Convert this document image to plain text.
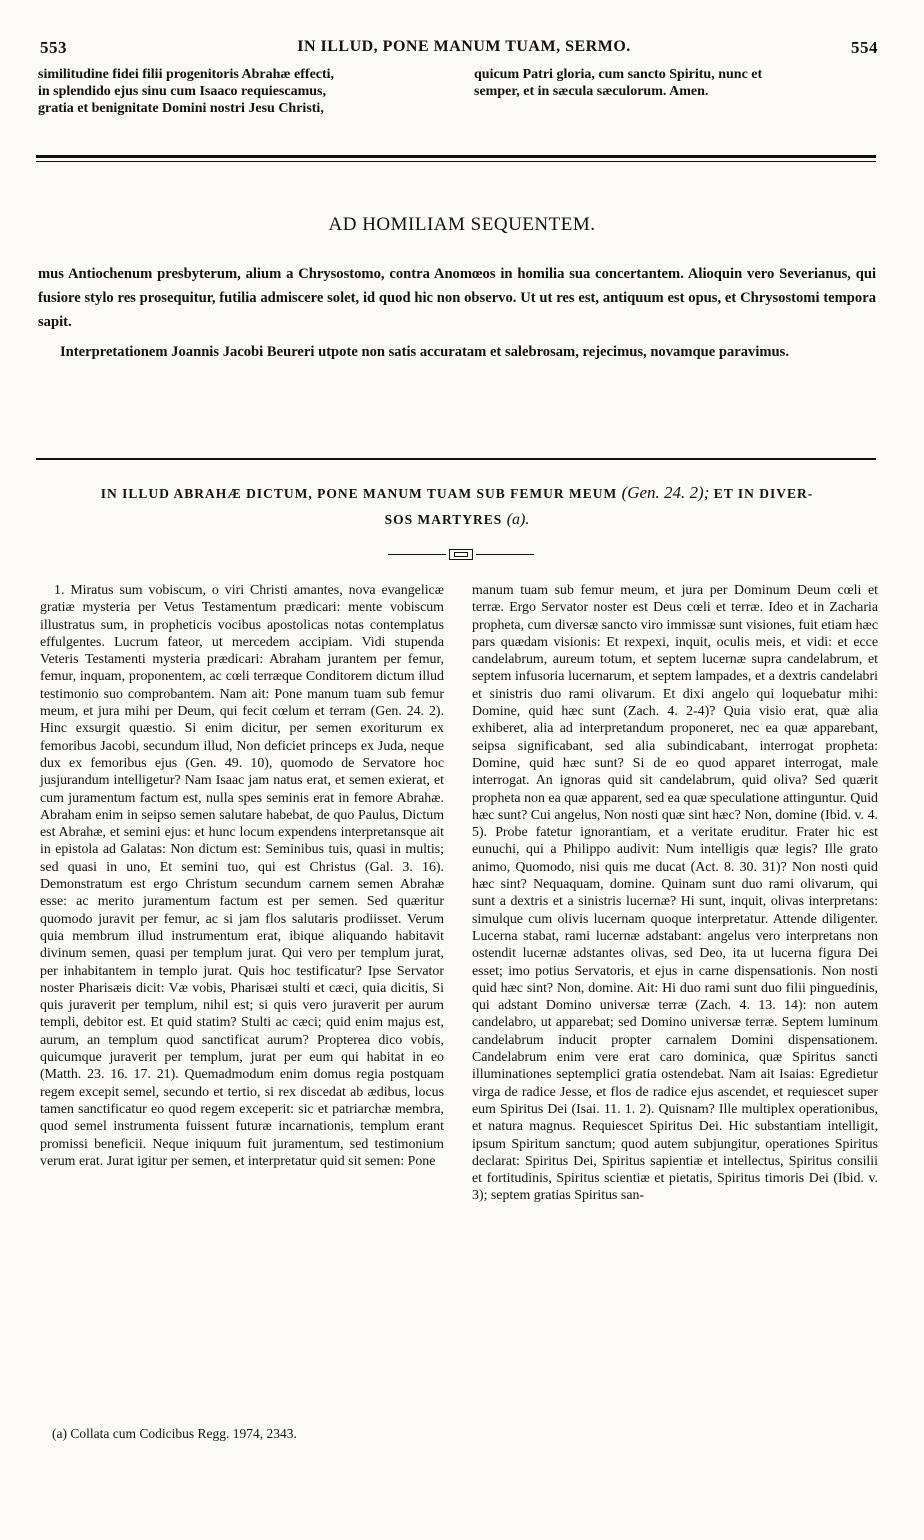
553	IN ILLUD, PONE MANUM TUAM, SERMO.	554
similitudine fidei filii progenitoris Abrahæ effecti,
in splendido ejus sinu cum Isaaco requiescamus,
gratia et benignitate Domini nostri Jesu Christi,
quicum Patri gloria, cum sancto Spiritu, nunc et
semper, et in sæcula sæculorum. Amen.
AD HOMILIAM SEQUENTEM.

mus Antiochenum presbyterum, alium a Chrysostomo, contra Anomœos in homilia sua concertantem. Alioquin vero Severianus, qui fusiore stylo res prosequitur, futilia admiscere solet, id quod hic non observo. Ut ut res est, antiquum est opus, et Chrysostomi tempora sapit.

Interpretationem Joannis Jacobi Beureri utpote non satis accuratam et salebrosam, rejecimus, novamque paravimus.

IN ILLUD ABRAHÆ DICTUM, PONE MANUM TUAM SUB FEMUR MEUM (Gen. 24. 2); ET IN DIVER-
SOS MARTYRES (a).

1. Miratus sum vobiscum, o viri Christi amantes, nova evangelicæ gratiæ mysteria per Vetus Testamentum prædicari: mente vobiscum illustratus sum, in propheticis vocibus apostolicas notas contemplatus effulgentes. Lucrum fateor, ut mercedem accipiam. Vidi stupenda Veteris Testamenti mysteria prædicari: Abraham jurantem per femur, femur, inquam, proponentem, ac cœli terræque Conditorem dictum illud testimonio suo comprobantem. Nam ait: Pone manum tuam sub femur meum, et jura mihi per Deum, qui fecit cœlum et terram (Gen. 24. 2). Hinc exsurgit quæstio. Si enim dicitur, per semen exoriturum ex femoribus Jacobi, secundum illud, Non deficiet princeps ex Juda, neque dux ex femoribus ejus (Gen. 49. 10), quomodo de Servatore hoc jusjurandum intelligetur? Nam Isaac jam natus erat, et semen exierat, et cum juramentum factum est, nulla spes seminis erat in femore Abrahæ. Abraham enim in seipso semen salutare habebat, de quo Paulus, Dictum est Abrahæ, et semini ejus: et hunc locum expendens interpretansque ait in epistola ad Galatas: Non dictum est: Seminibus tuis, quasi in multis; sed quasi in uno, Et semini tuo, qui est Christus (Gal. 3. 16). Demonstratum est ergo Christum secundum carnem semen Abrahæ esse: ac merito juramentum factum est per semen. Sed quæritur quomodo juravit per femur, ac si jam flos salutaris prodiisset. Verum quia membrum illud instrumentum erat, ibique aliquando habitavit divinum semen, quasi per templum jurat. Qui vero per templum jurat, per inhabitantem in templo jurat. Quis hoc testificatur? Ipse Servator noster Pharisæis dicit: Væ vobis, Pharisæi stulti et cæci, quia dicitis, Si quis juraverit per templum, nihil est; si quis vero juraverit per aurum templi, debitor est. Et quid statim? Stulti ac cæci; quid enim majus est, aurum, an templum quod sanctificat aurum? Propterea dico vobis, quicumque juraverit per templum, jurat per eum qui habitat in eo (Matth. 23. 16. 17. 21). Quemadmodum enim domus regia postquam regem excepit semel, secundo et tertio, si rex discedat ab ædibus, locus tamen sanctificatur eo quod regem exceperit: sic et patriarchæ membra, quod semel instrumenta fuissent futuræ incarnationis, templum erant promissi beneficii. Neque iniquum fuit juramentum, sed testimonium verum erat. Jurat igitur per semen, et interpretatur quid sit semen: Pone

(a) Collata cum Codicibus Regg. 1974, 2343.

manum tuam sub femur meum, et jura per Dominum Deum cœli et terræ. Ergo Servator noster est Deus cœli et terræ. Ideo et in Zacharia propheta, cum diversæ sancto viro immissæ sunt visiones, fuit etiam hæc pars quædam visionis: Et rexpexi, inquit, oculis meis, et vidi: et ecce candelabrum, aureum totum, et septem lucernæ supra candelabrum, et septem infusoria lucernarum, et septem lampades, et a dextris candelabri et sinistris duo rami olivarum. Et dixi angelo qui loquebatur mihi: Domine, quid hæc sunt (Zach. 4. 2-4)? Quia visio erat, quæ alia exhiberet, alia ad interpretandum proponeret, nec ea quæ apparebant, seipsa significabant, sed alia subindicabant, interrogat propheta: Domine, quid hæc sunt? Si de eo quod apparet interrogat, male interrogat. An ignoras quid sit candelabrum, quid oliva? Sed quærit propheta non ea quæ apparent, sed ea quæ speculatione attinguntur. Quid hæc sunt? Cui angelus, Non nosti quæ sint hæc? Non, domine (Ibid. v. 4. 5). Probe fatetur ignorantiam, et a veritate eruditur. Frater hic est eunuchi, qui a Philippo audivit: Num intelligis quæ legis? Ille grato animo, Quomodo, nisi quis me ducat (Act. 8. 30. 31)? Non nosti quid hæc sint? Nequaquam, domine. Quinam sunt duo rami olivarum, qui sunt a dextris et a sinistris lucernæ? Hi sunt, inquit, olivas interpretans: simulque cum olivis lucernam quoque interpretatur. Attende diligenter. Lucerna stabat, rami lucernæ adstabant: angelus vero interpretans non ostendit lucernæ adstantes olivas, sed Deo, ita ut lucerna figura Dei esset; imo potius Servatoris, et ejus in carne dispensationis. Non nosti quid hæc sint? Non, domine. Ait: Hi duo rami sunt duo filii pinguedinis, qui adstant Domino universæ terræ (Zach. 4. 13. 14): non autem candelabro, ut apparebat; sed Domino universæ terræ. Septem luminum candelabrum inducit propter carnalem Domini dispensationem. Candelabrum enim vere erat caro dominica, quæ Spiritus sancti illuminationes septemplici gratia ostendebat. Nam ait Isaias: Egredietur virga de radice Jesse, et flos de radice ejus ascendet, et requiescet super eum Spiritus Dei (Isai. 11. 1. 2). Quisnam? Ille multiplex operationibus, et natura magnus. Requiescet Spiritus Dei. Hic substantiam intelligit, ipsum Spiritum sanctum; quod autem subjungitur, operationes Spiritus declarat: Spiritus Dei, Spiritus sapientiæ et intellectus, Spiritus consilii et fortitudinis, Spiritus scientiæ et pietatis, Spiritus timoris Dei (Ibid. v. 3); septem gratias Spiritus san-
